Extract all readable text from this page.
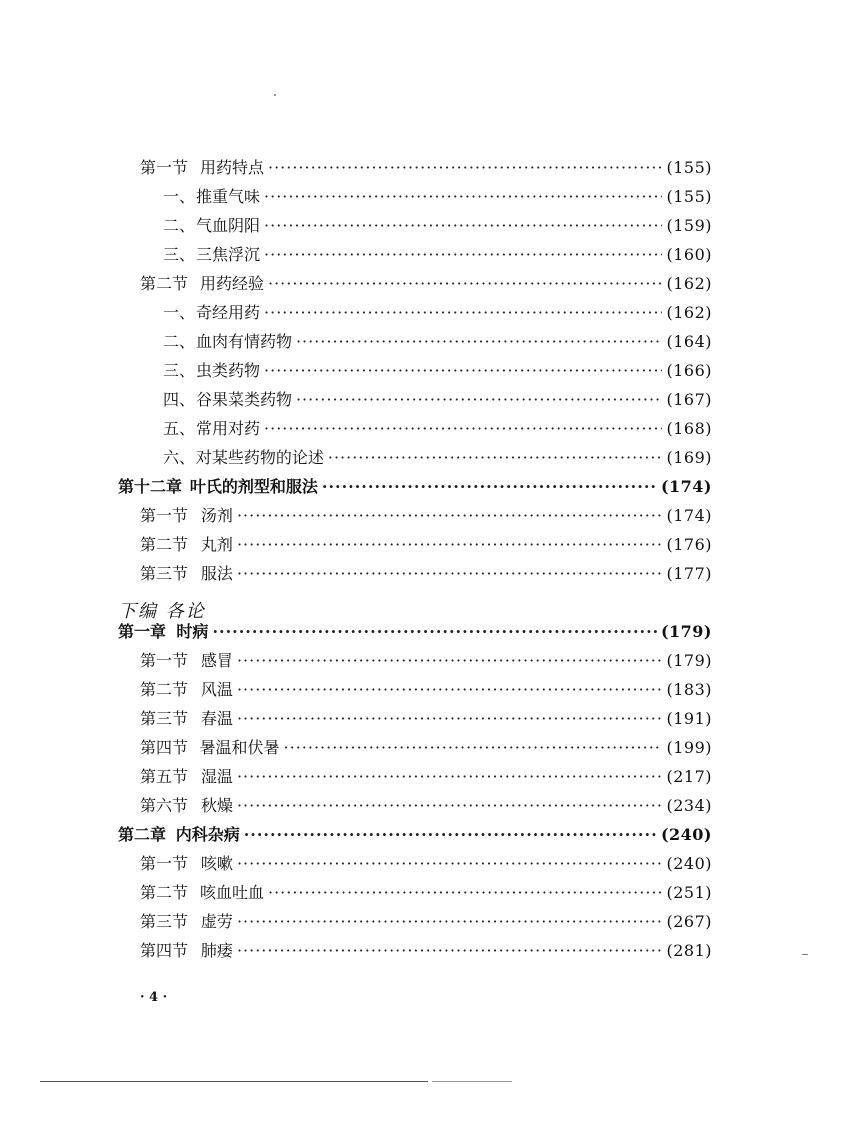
第一节 用药特点 ·····	(155)
一、 推重气味 ·····	(155)
二、 气血阴阳 ·····	(159)
三、 三焦浮沉 ·····	(160)
第二节 用药经验 ·····	(162)
一、 奇经用药 ·····	(162)
二、 血肉有情药物 ·····	(164)
三、 虫类药物 ·····	(166)
四、 谷果菜类药物 ·····	(167)
五、 常用对药 ·····	(168)
六、 对某些药物的论述 ·····	(169)
第十二章 叶氏的剂型和服法 ·····	(174)
第一节 汤剂 ·····	(174)
第二节 丸剂 ·····	(176)
第三节 服法 ·····	(177)
第一章 时病 ·····	(179)
第一节 感冒 ·····	(179)
第二节 风温 ·····	(183)
第三节 春温 ·····	(191)
第四节 暑温和伏暑 ·····	(199)
第五节 湿温 ·····	(217)
第六节 秋燥 ·····	(234)
第二章 内科杂病 ·····	(240)
第一节 咳嗽 ·····	(240)
第二节 咳血吐血 ·····	(251)
第三节 虚劳 ·····	(267)
第四节 肺痿 ·····	(281)
下编 各论
· 4 ·
